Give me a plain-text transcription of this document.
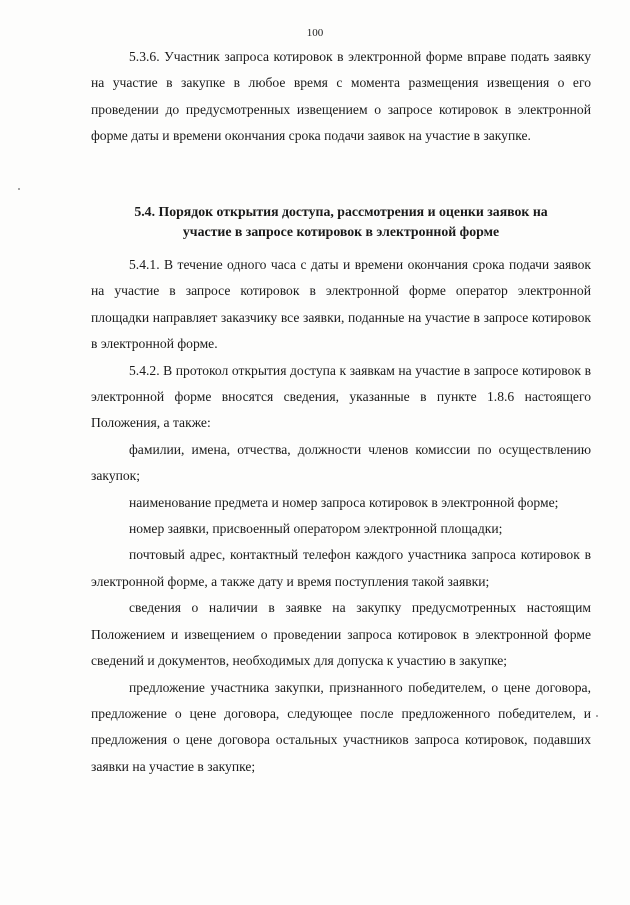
100

5.3.6. Участник запроса котировок в электронной форме вправе подать заявку на участие в закупке в любое время с момента размещения извещения о его проведении до предусмотренных извещением о запросе котировок в электронной форме даты и времени окончания срока подачи заявок на участие в закупке.

5.4. Порядок открытия доступа, рассмотрения и оценки заявок на
участие в запросе котировок в электронной форме

5.4.1. В течение одного часа с даты и времени окончания срока подачи заявок на участие в запросе котировок в электронной форме оператор электронной площадки направляет заказчику все заявки, поданные на участие в запросе котировок в электронной форме.

5.4.2. В протокол открытия доступа к заявкам на участие в запросе котировок в электронной форме вносятся сведения, указанные в пункте 1.8.6 настоящего Положения, а также:

фамилии, имена, отчества, должности членов комиссии по осуществлению закупок;

наименование предмета и номер запроса котировок в электронной форме;

номер заявки, присвоенный оператором электронной площадки;

почтовый адрес, контактный телефон каждого участника запроса котировок в электронной форме, а также дату и время поступления такой заявки;

сведения о наличии в заявке на закупку предусмотренных настоящим Положением и извещением о проведении запроса котировок в электронной форме сведений и документов, необходимых для допуска к участию в закупке;

предложение участника закупки, признанного победителем, о цене договора, предложение о цене договора, следующее после предложенного победителем, и предложения о цене договора остальных участников запроса котировок, подавших заявки на участие в закупке;
